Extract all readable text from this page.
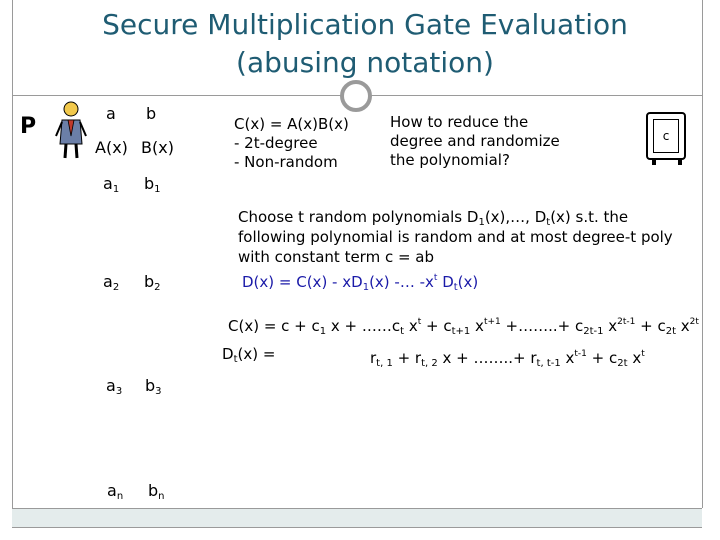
Secure Multiplication Gate Evaluation (abusing notation)
P
a b
A(x) B(x)
$a_1$ $b_1$
$a_2$ $b_2$
$a_3$ $b_3$
$a_n$ $b_n$
C(x) = A(x)B(x)
- 2t-degree
- Non-random
How to reduce the
degree and randomize
the polynomial?
c
Choose t random polynomials $D_1(x),\dots$, $D_t(x)$ s.t. the
following polynomial is random and at most degree-t poly
with constant term c = ab
$D(x) = C(x) - xD_1(x)$ -… $-x^t$ $D_t(x)$
$C(x) = c + c_1$ $x + \dots\dots c_t$ $x^t + c_{t+1}$ $x^{t+1}$ +……..+ $c_{2t-1}$ $x^{2t-1} + c_{2t}$ $x^{2t}$
$D_t(x)$ =	$r_{t, 1} + r_{t, 2}$ x + ……..+ $r_{t, t-1}$ $x^{t-1} + c_{2t}$ $x^t$
